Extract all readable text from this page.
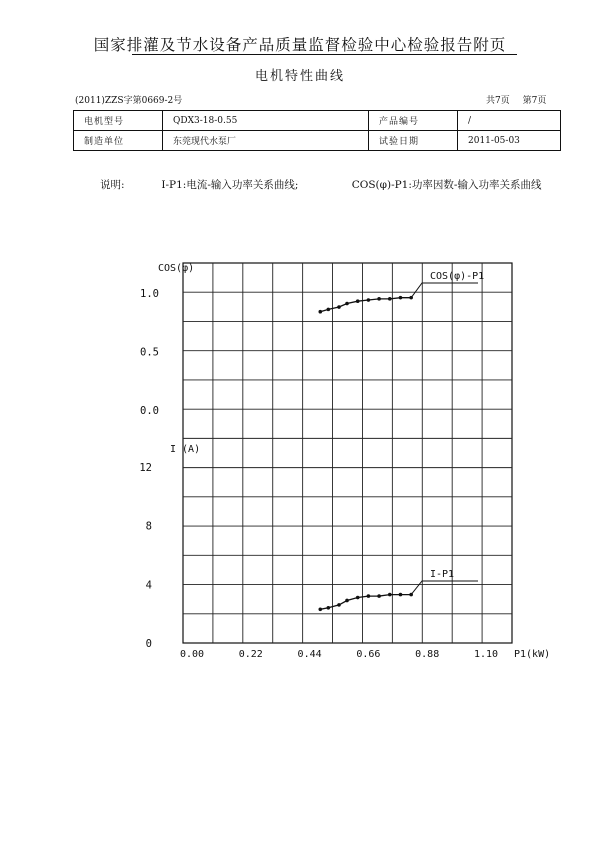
国家排灌及节水设备产品质量监督检验中心检验报告附页
电机特性曲线
(2011)ZZS字第0669-2号	共7页 第7页
电机型号	QDX3-18-0.55	产品编号	/
制造单位	东莞现代水泵厂	试验日期	2011-05-03
说明:	I-P1:电流-输入功率关系曲线;	COS(φ)-P1:功率因数-输入功率关系曲线
0.00	0.22	0.44	0.66	0.88	1.10 P1(kW)
COS(φ)
1.0
0.5
0.0
I (A)
12
8
4
0
COS(φ)-P1
I-P1
